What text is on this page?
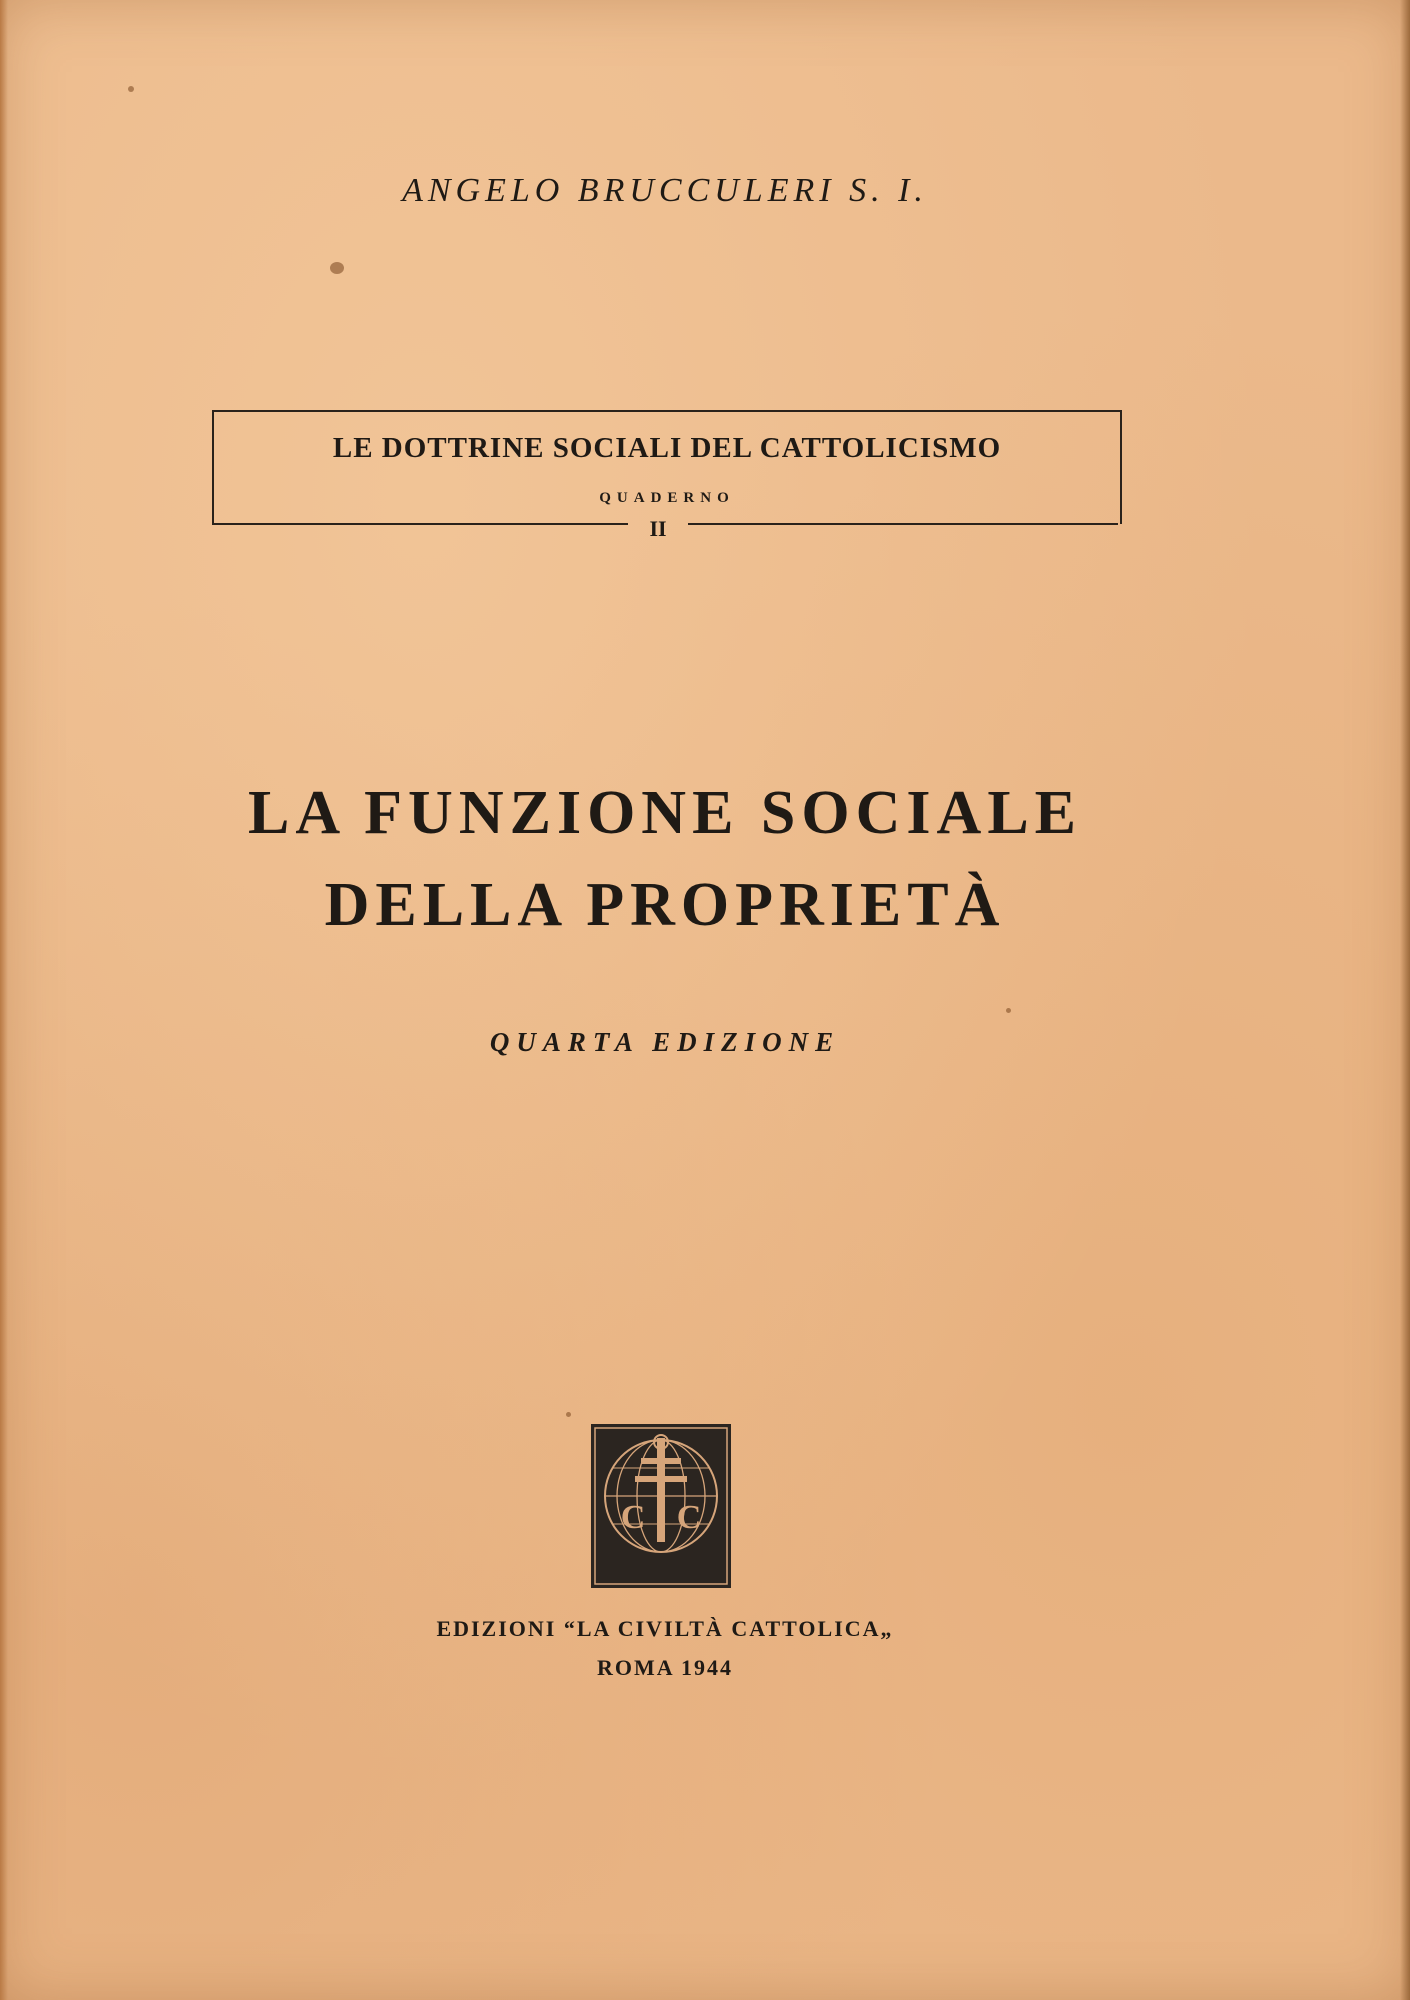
ANGELO BRUCCULERI S. I.
LE DOTTRINE SOCIALI DEL CATTOLICISMO
QUADERNO
II
LA FUNZIONE SOCIALE
DELLA PROPRIETÀ
QUARTA EDIZIONE
C C
EDIZIONI “LA CIVILTÀ CATTOLICA„
ROMA 1944
